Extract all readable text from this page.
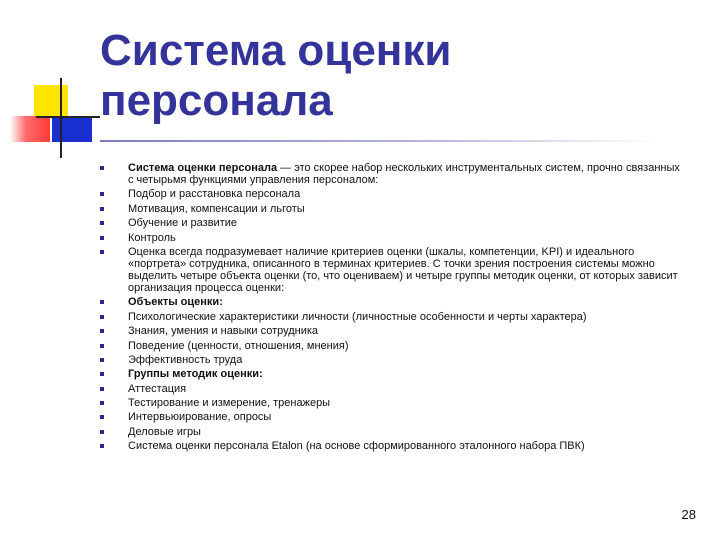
Система оценки
персонала
Система оценки персонала — это скорее набор нескольких инструментальных систем, прочно связанных с четырьмя функциями управления персоналом:
Подбор и расстановка персонала
Мотивация, компенсации и льготы
Обучение и развитие
Контроль
Оценка всегда подразумевает наличие критериев оценки (шкалы, компетенции, KPI) и идеального «портрета» сотрудника, описанного в терминах критериев. С точки зрения построения системы можно выделить четыре объекта оценки (то, что оцениваем) и четыре группы методик оценки, от которых зависит организация процесса оценки:
Объекты оценки:
Психологические характеристики личности (личностные особенности и черты характера)
Знания, умения и навыки сотрудника
Поведение (ценности, отношения, мнения)
Эффективность труда
Группы методик оценки:
Аттестация
Тестирование и измерение, тренажеры
Интервьюирование, опросы
Деловые игры
Система оценки персонала Etalon (на основе сформированного эталонного набора ПВК)
28
